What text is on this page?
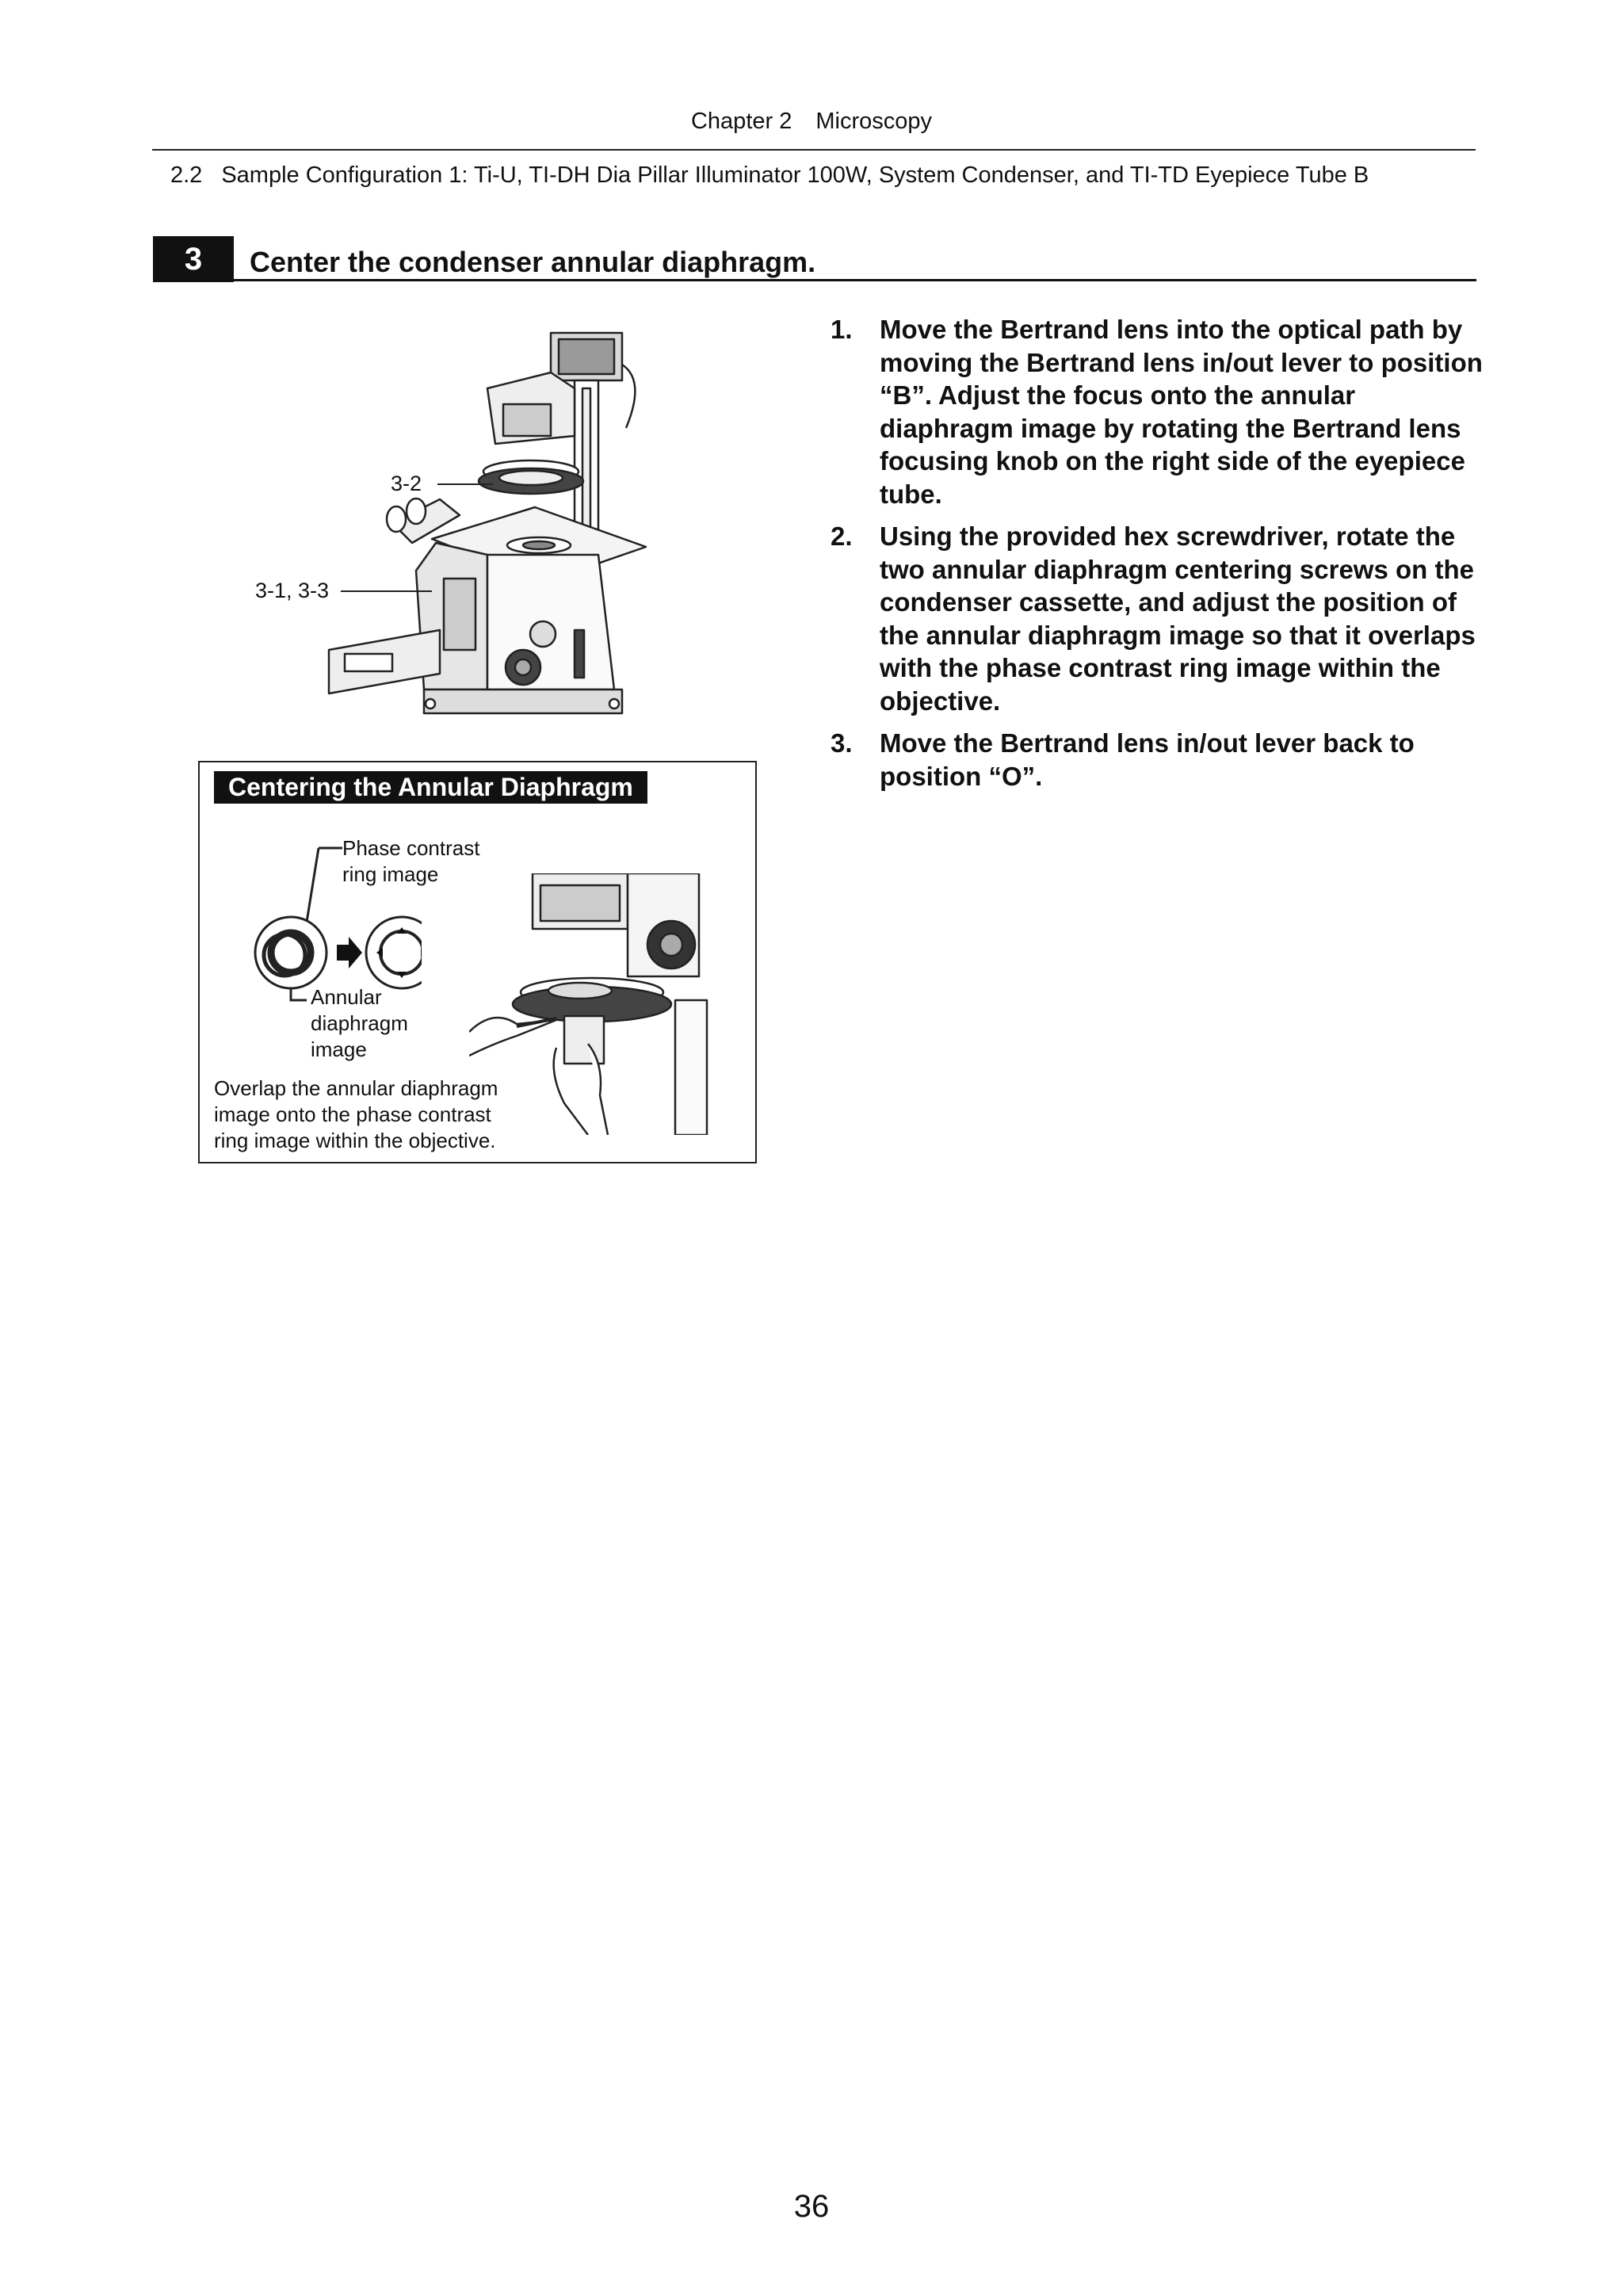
Chapter 2 Microscopy
2.2 Sample Configuration 1: Ti-U, TI-DH Dia Pillar Illuminator 100W, System Condenser, and TI-TD Eyepiece Tube B
3	Center the condenser annular diaphragm.
3-2
3-1, 3-3
1. Move the Bertrand lens into the optical path by moving the Bertrand lens in/out lever to position “B”. Adjust the focus onto the annular diaphragm image by rotating the Bertrand lens focusing knob on the right side of the eyepiece tube.
2. Using the provided hex screwdriver, rotate the two annular diaphragm centering screws on the condenser cassette, and adjust the position of the annular diaphragm image so that it overlaps with the phase contrast ring image within the objective.
3. Move the Bertrand lens in/out lever back to position “O”.
Centering the Annular Diaphragm
Phase contrast
ring image
Annular
diaphragm
image
Overlap the annular diaphragm
image onto the phase contrast
ring image within the objective.
36
